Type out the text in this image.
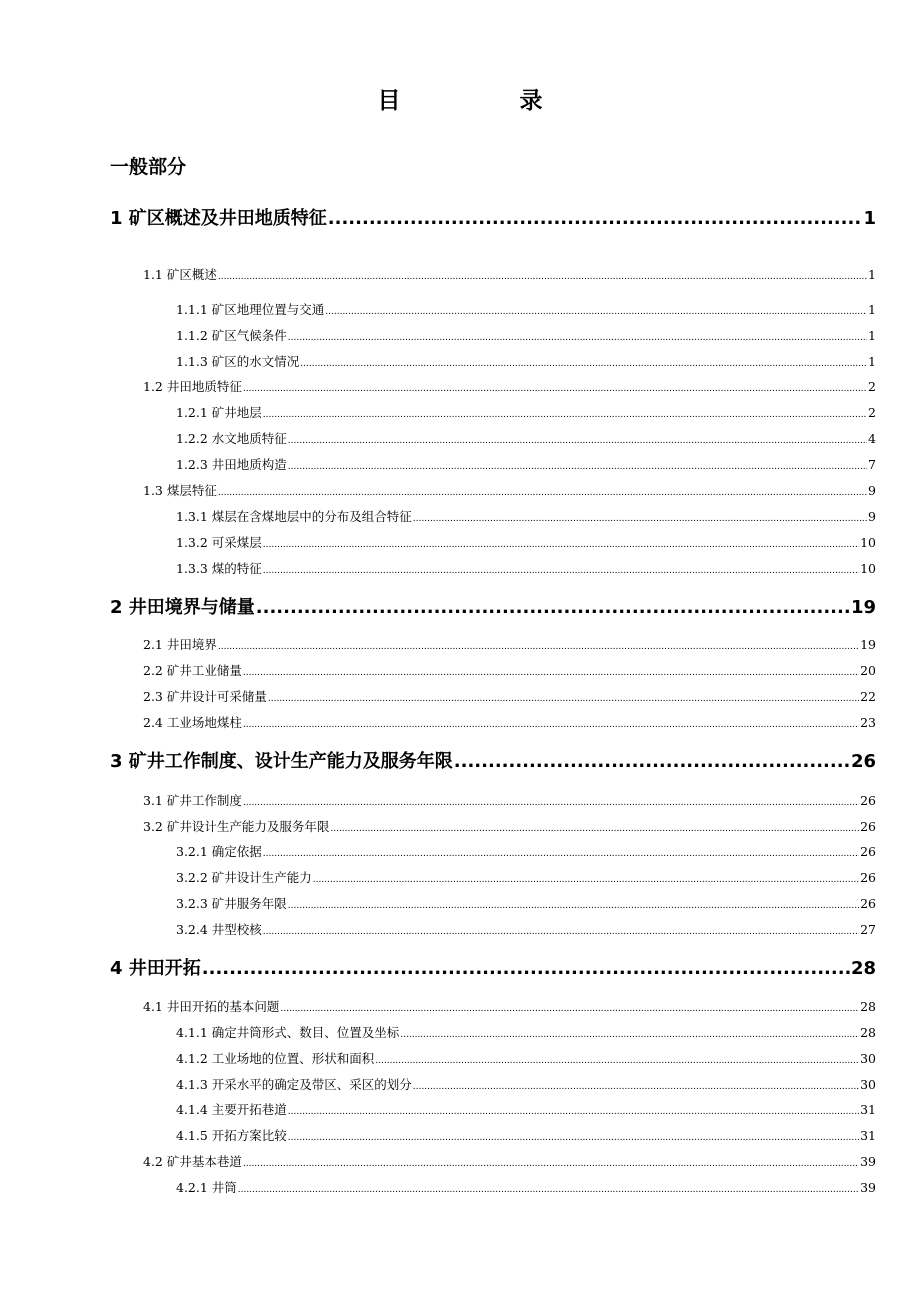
目　录
一般部分
1 矿区概述及井田地质特征 .....	1
1.1 矿区概述 .....	1
1.1.1 矿区地理位置与交通 .....	1
1.1.2 矿区气候条件 .....	1
1.1.3 矿区的水文情况 .....	1
1.2 井田地质特征 .....	2
1.2.1 矿井地层 .....	2
1.2.2 水文地质特征 .....	4
1.2.3 井田地质构造 .....	7
1.3 煤层特征 .....	9
1.3.1 煤层在含煤地层中的分布及组合特征 .....	9
1.3.2 可采煤层 .....	10
1.3.3 煤的特征 .....	10
2 井田境界与储量 .....	19
2.1 井田境界 .....	19
2.2 矿井工业储量 .....	20
2.3 矿井设计可采储量 .....	22
2.4 工业场地煤柱 .....	23
3 矿井工作制度、设计生产能力及服务年限 .....	26
3.1 矿井工作制度 .....	26
3.2 矿井设计生产能力及服务年限 .....	26
3.2.1 确定依据 .....	26
3.2.2 矿井设计生产能力 .....	26
3.2.3 矿井服务年限 .....	26
3.2.4 井型校核 .....	27
4 井田开拓 .....	28
4.1 井田开拓的基本问题 .....	28
4.1.1 确定井筒形式、数目、位置及坐标 .....	28
4.1.2 工业场地的位置、形状和面积 .....	30
4.1.3 开采水平的确定及带区、采区的划分 .....	30
4.1.4 主要开拓巷道 .....	31
4.1.5 开拓方案比较 .....	31
4.2 矿井基本巷道 .....	39
4.2.1 井筒 .....	39
